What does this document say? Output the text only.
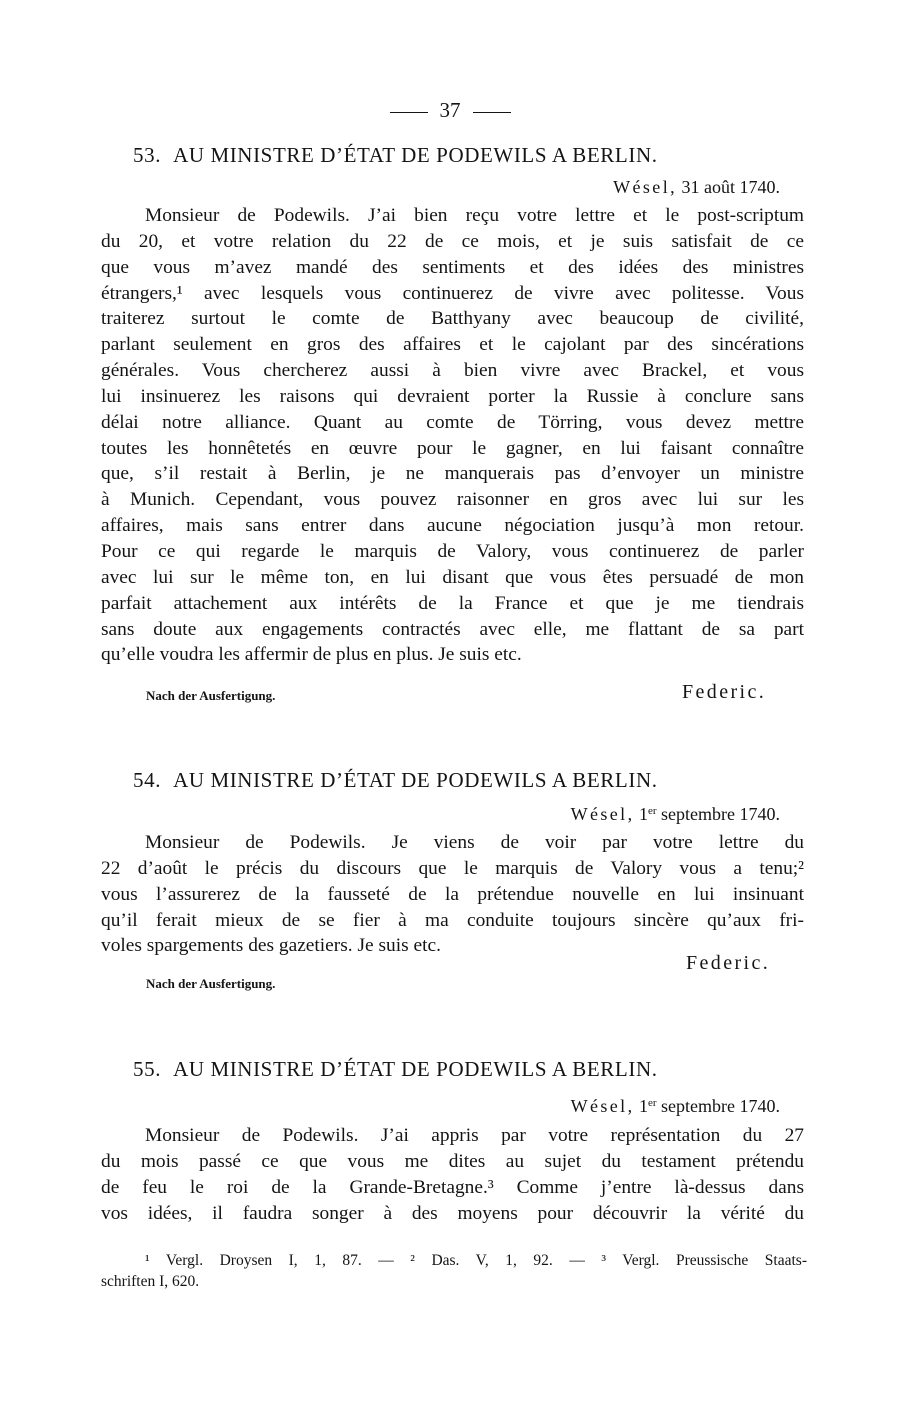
37
53. AU MINISTRE D’ÉTAT DE PODEWILS A BERLIN.
Wésel, 31 août 1740.
Monsieur de Podewils. J’ai bien reçu votre lettre et le post-scriptum
du 20, et votre relation du 22 de ce mois, et je suis satisfait de ce
que vous m’avez mandé des sentiments et des idées des ministres
étrangers,¹ avec lesquels vous continuerez de vivre avec politesse. Vous
traiterez surtout le comte de Batthyany avec beaucoup de civilité,
parlant seulement en gros des affaires et le cajolant par des sincérations
générales. Vous chercherez aussi à bien vivre avec Brackel, et vous
lui insinuerez les raisons qui devraient porter la Russie à conclure sans
délai notre alliance. Quant au comte de Törring, vous devez mettre
toutes les honnêtetés en œuvre pour le gagner, en lui faisant connaître
que, s’il restait à Berlin, je ne manquerais pas d’envoyer un ministre
à Munich. Cependant, vous pouvez raisonner en gros avec lui sur les
affaires, mais sans entrer dans aucune négociation jusqu’à mon retour.
Pour ce qui regarde le marquis de Valory, vous continuerez de parler
avec lui sur le même ton, en lui disant que vous êtes persuadé de mon
parfait attachement aux intérêts de la France et que je me tiendrais
sans doute aux engagements contractés avec elle, me flattant de sa part
qu’elle voudra les affermir de plus en plus. Je suis etc.
Nach der Ausfertigung.	Federic.
54. AU MINISTRE D’ÉTAT DE PODEWILS A BERLIN.
Wésel, 1er septembre 1740.
Monsieur de Podewils. Je viens de voir par votre lettre du
22 d’août le précis du discours que le marquis de Valory vous a tenu;²
vous l’assurerez de la fausseté de la prétendue nouvelle en lui insinuant
qu’il ferait mieux de se fier à ma conduite toujours sincère qu’aux fri-
voles spargements des gazetiers. Je suis etc.
Federic.
Nach der Ausfertigung.
55. AU MINISTRE D’ÉTAT DE PODEWILS A BERLIN.
Wésel, 1er septembre 1740.
Monsieur de Podewils. J’ai appris par votre représentation du 27
du mois passé ce que vous me dites au sujet du testament prétendu
de feu le roi de la Grande-Bretagne.³ Comme j’entre là-dessus dans
vos idées, il faudra songer à des moyens pour découvrir la vérité du
¹ Vergl. Droysen I, 1, 87. — ² Das. V, 1, 92. — ³ Vergl. Preussische Staats-
schriften I, 620.
